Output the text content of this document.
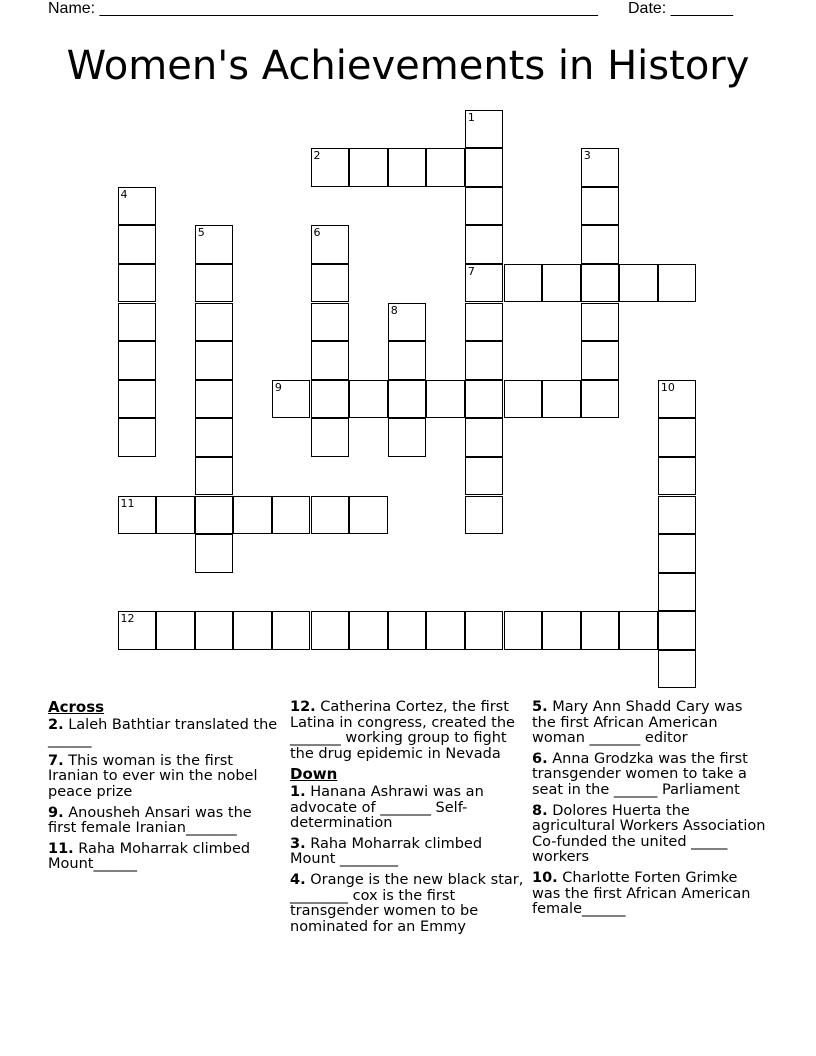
Name: ________________________________________________________ Date: _______
Women's Achievements in History
1
2	3
4
5	6
7
8
9	10
11
12
Across
2. Laleh Bathtiar translated the ______
7. This woman is the first Iranian to ever win the nobel peace prize
9. Anousheh Ansari was the first female Iranian_______
11. Raha Moharrak climbed Mount______
12. Catherina Cortez, the first Latina in congress, created the _______ working group to fight the drug epidemic in Nevada
Down
1. Hanana Ashrawi was an advocate of _______ Self-determination
3. Raha Moharrak climbed Mount ________
4. Orange is the new black star, ________ cox is the first transgender women to be nominated for an Emmy
5. Mary Ann Shadd Cary was the first African American woman _______ editor
6. Anna Grodzka was the first transgender women to take a seat in the ______ Parliament
8. Dolores Huerta the agricultural Workers Association Co-funded the united _____ workers
10. Charlotte Forten Grimke was the first African American female______
